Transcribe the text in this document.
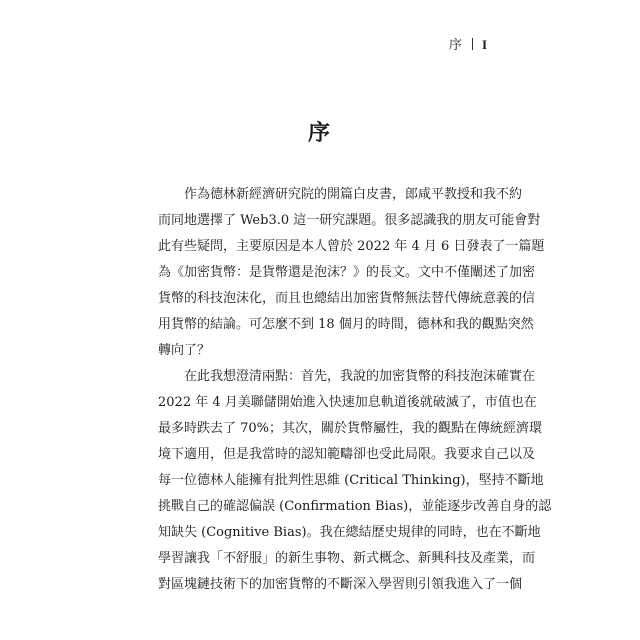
序 I
序
作為德林新經濟研究院的開篇白皮書，郎咸平教授和我不約
而同地選擇了 Web3.0 這一研究課題。很多認識我的朋友可能會對
此有些疑問，主要原因是本人曾於 2022 年 4 月 6 日發表了一篇題
為《加密貨幣：是貨幣還是泡沫？》的長文。文中不僅闡述了加密
貨幣的科技泡沫化，而且也總結出加密貨幣無法替代傳統意義的信
用貨幣的結論。可怎麼不到 18 個月的時間，德林和我的觀點突然
轉向了？
在此我想澄清兩點：首先，我說的加密貨幣的科技泡沫確實在
2022 年 4 月美聯儲開始進入快速加息軌道後就破滅了，市值也在
最多時跌去了 70%；其次，關於貨幣屬性，我的觀點在傳統經濟環
境下適用，但是我當時的認知範疇卻也受此局限。我要求自己以及
每一位德林人能擁有批判性思維 (Critical Thinking)，堅持不斷地
挑戰自己的確認偏誤 (Confirmation Bias)，並能逐步改善自身的認
知缺失 (Cognitive Bias)。我在總結歷史規律的同時，也在不斷地
學習讓我「不舒服」的新生事物、新式概念、新興科技及產業，而
對區塊鏈技術下的加密貨幣的不斷深入學習則引領我進入了一個
